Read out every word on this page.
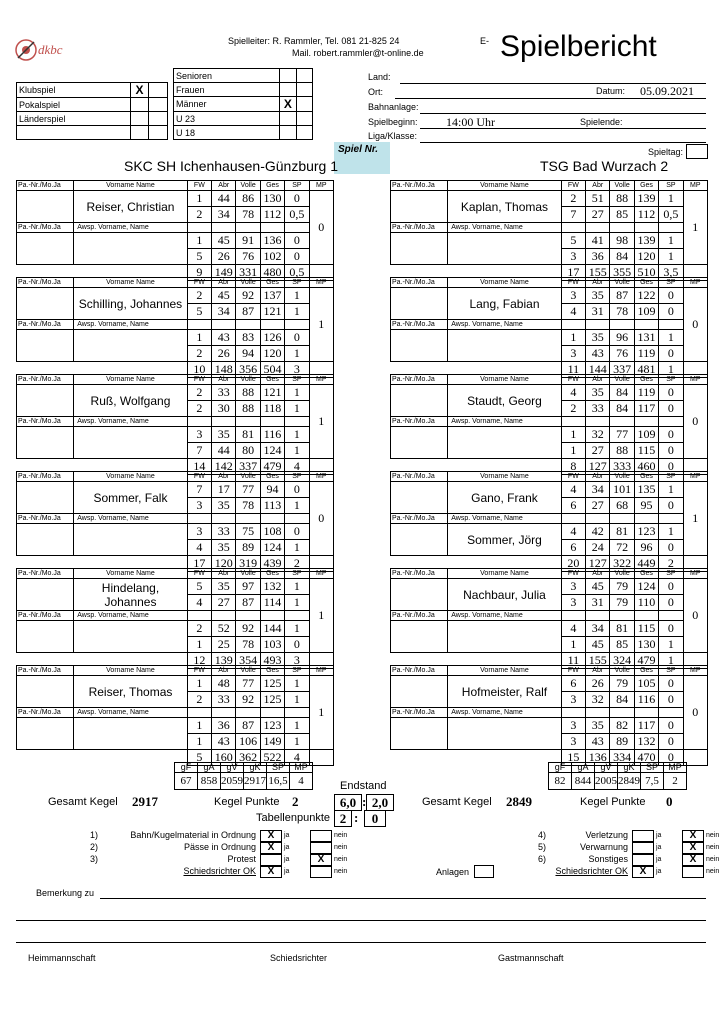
dkbc
Spielleiter: R. Rammler, Tel. 081 21-825 24
Mail. robert.rammler@t-online.de
E- Spielbericht
Klubspiel	X	
Pokalspiel		
Länderspiel		

Senioren		
Frauen		
Männer	X	
U 23		
U 18		
Land:
Ort:	Datum: 05.09.2021
Bahnanlage:
Spielbeginn: 14:00 Uhr	Spielende:
Liga/Klasse:
Spiel Nr.	Spieltag:
SKC SH Ichenhausen-Günzburg 1	TSG Bad Wurzach 2
Pa.-Nr./Mo.Ja	Vorname Name	FW	Abr	Volle	Ges	SP	MP
	Reiser, Christian	1	44	86	130	0	0
		2	34	78	112	0,5	
Pa.-Nr./Mo.Ja	Awsp. Vorname, Name						
		1	45	91	136	0	
		5	26	76	102	0	
		9	149	331	480	0,5	
Pa.-Nr./Mo.Ja	Vorname Name	FW	Abr	Volle	Ges	SP	MP
	Schilling, Johannes	2	45	92	137	1	1
		5	34	87	121	1	
Pa.-Nr./Mo.Ja	Awsp. Vorname, Name						
		1	43	83	126	0	
		2	26	94	120	1	
		10	148	356	504	3	
Pa.-Nr./Mo.Ja	Vorname Name	FW	Abr	Volle	Ges	SP	MP
	Ruß, Wolfgang	2	33	88	121	1	1
		2	30	88	118	1	
Pa.-Nr./Mo.Ja	Awsp. Vorname, Name						
		3	35	81	116	1	
		7	44	80	124	1	
		14	142	337	479	4	
Pa.-Nr./Mo.Ja	Vorname Name	FW	Abr	Volle	Ges	SP	MP
	Sommer, Falk	7	17	77	94	0	0
		3	35	78	113	1	
Pa.-Nr./Mo.Ja	Awsp. Vorname, Name						
		3	33	75	108	0	
		4	35	89	124	1	
		17	120	319	439	2	
Pa.-Nr./Mo.Ja	Vorname Name	FW	Abr	Volle	Ges	SP	MP
	Hindelang, Johannes	5	35	97	132	1	1
		4	27	87	114	1	
Pa.-Nr./Mo.Ja	Awsp. Vorname, Name						
		2	52	92	144	1	
		1	25	78	103	0	
		12	139	354	493	3	
Pa.-Nr./Mo.Ja	Vorname Name	FW	Abr	Volle	Ges	SP	MP
	Reiser, Thomas	1	48	77	125	1	1
		2	33	92	125	1	
Pa.-Nr./Mo.Ja	Awsp. Vorname, Name						
		1	36	87	123	1	
		1	43	106	149	1	
		5	160	362	522	4	
Pa.-Nr./Mo.Ja	Vorname Name	FW	Abr	Volle	Ges	SP	MP
	Kaplan, Thomas	2	51	88	139	1	1
		7	27	85	112	0,5	
Pa.-Nr./Mo.Ja	Awsp. Vorname, Name						
		5	41	98	139	1	
		3	36	84	120	1	
		17	155	355	510	3,5	
Pa.-Nr./Mo.Ja	Vorname Name	FW	Abr	Volle	Ges	SP	MP
	Lang, Fabian	3	35	87	122	0	0
		4	31	78	109	0	
Pa.-Nr./Mo.Ja	Awsp. Vorname, Name						
		1	35	96	131	1	
		3	43	76	119	0	
		11	144	337	481	1	
Pa.-Nr./Mo.Ja	Vorname Name	FW	Abr	Volle	Ges	SP	MP
	Staudt, Georg	4	35	84	119	0	0
		2	33	84	117	0	
Pa.-Nr./Mo.Ja	Awsp. Vorname, Name						
		1	32	77	109	0	
		1	27	88	115	0	
		8	127	333	460	0	
Pa.-Nr./Mo.Ja	Vorname Name	FW	Abr	Volle	Ges	SP	MP
	Gano, Frank	4	34	101	135	1	1
		6	27	68	95	0	
Pa.-Nr./Mo.Ja	Awsp. Vorname, Name						
	Sommer, Jörg	4	42	81	123	1	
		6	24	72	96	0	
		20	127	322	449	2	
Pa.-Nr./Mo.Ja	Vorname Name	FW	Abr	Volle	Ges	SP	MP
	Nachbaur, Julia	3	45	79	124	0	0
		3	31	79	110	0	
Pa.-Nr./Mo.Ja	Awsp. Vorname, Name						
		4	34	81	115	0	
		1	45	85	130	1	
		11	155	324	479	1	
Pa.-Nr./Mo.Ja	Vorname Name	FW	Abr	Volle	Ges	SP	MP
	Hofmeister, Ralf	6	26	79	105	0	0
		3	32	84	116	0	
Pa.-Nr./Mo.Ja	Awsp. Vorname, Name						
		3	35	82	117	0	
		3	43	89	132	0	
		15	136	334	470	0	
gF	gA	gV	gK	SP	MP
67	858	2059	2917	16,5	4
gF	gA	gV	gK	SP	MP
82	844	2005	2849	7,5	2
Endstand
Gesamt Kegel 2917	Kegel Punkte 2	6,0 : 2,0
Tabellenpunkte 2 :	0
Gesamt Kegel 2849	Kegel Punkte 0
1)	Bahn/Kugelmaterial in Ordnung	X	ja	nein
2)	Pässe in Ordnung	X	ja	nein
3)	Protest	ja	X	nein
Schiedsrichter OK	X	ja	nein
4)	Verletzung	ja	X	nein
5)	Verwarnung	ja	X	nein
6)	Sonstiges	ja	X	nein
Schiedsrichter OK	X	ja	nein
Anlagen
Bemerkung zu
Heimmannschaft	Schiedsrichter	Gastmannschaft
